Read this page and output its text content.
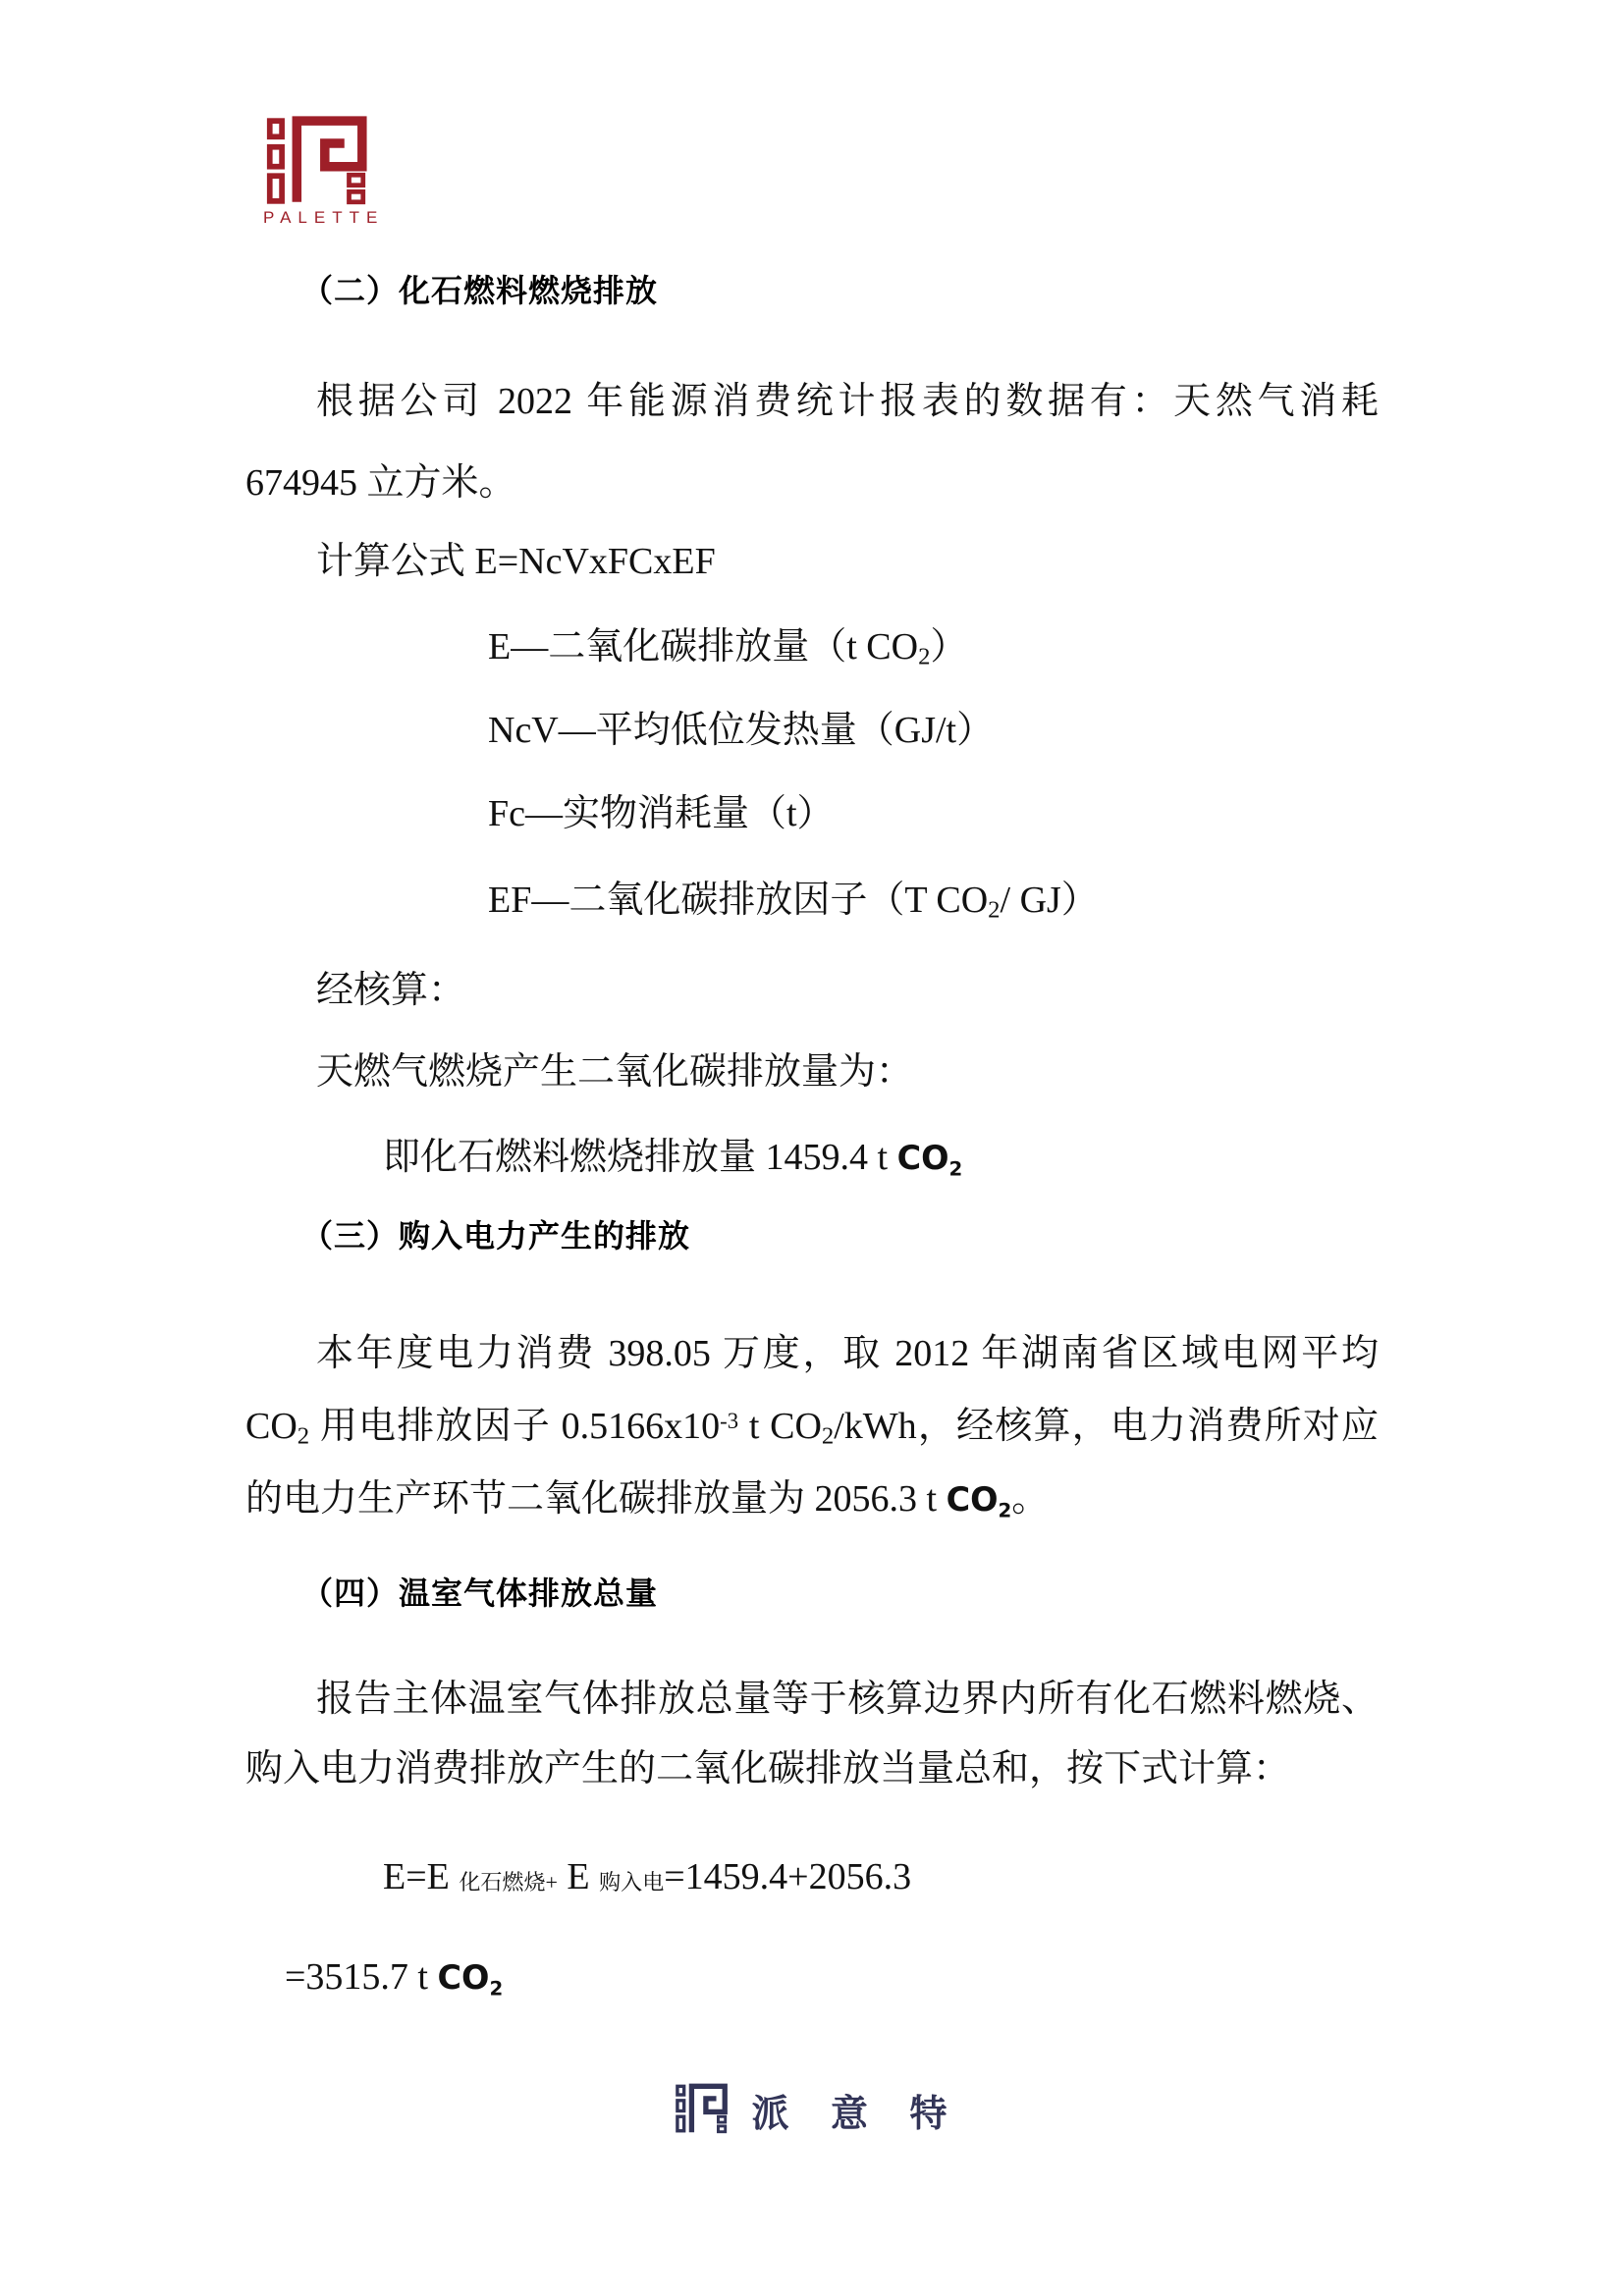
PALETTE
（二）化石燃料燃烧排放
根据公司 2022 年能源消费统计报表的数据有：天然气消耗
674945 立方米。
计算公式 E=NcVxFCxEF
E—二氧化碳排放量（t CO2）
NcV—平均低位发热量（GJ/t）
Fc—实物消耗量（t）
EF—二氧化碳排放因子（T CO2/ GJ）
经核算：
天燃气燃烧产生二氧化碳排放量为：
即化石燃料燃烧排放量 1459.4 t CO2
（三）购入电力产生的排放
本年度电力消费 398.05 万度，取 2012 年湖南省区域电网平均
CO2 用电排放因子 $0.5166x10^{-3}$ t CO2/kWh，经核算，电力消费所对应
的电力生产环节二氧化碳排放量为 2056.3 t CO2。
（四）温室气体排放总量
报告主体温室气体排放总量等于核算边界内所有化石燃料燃烧、
购入电力消费排放产生的二氧化碳排放当量总和，按下式计算：
E=E 化石燃烧+ E 购入电=1459.4+2056.3
=3515.7 t CO2
派 意 特
